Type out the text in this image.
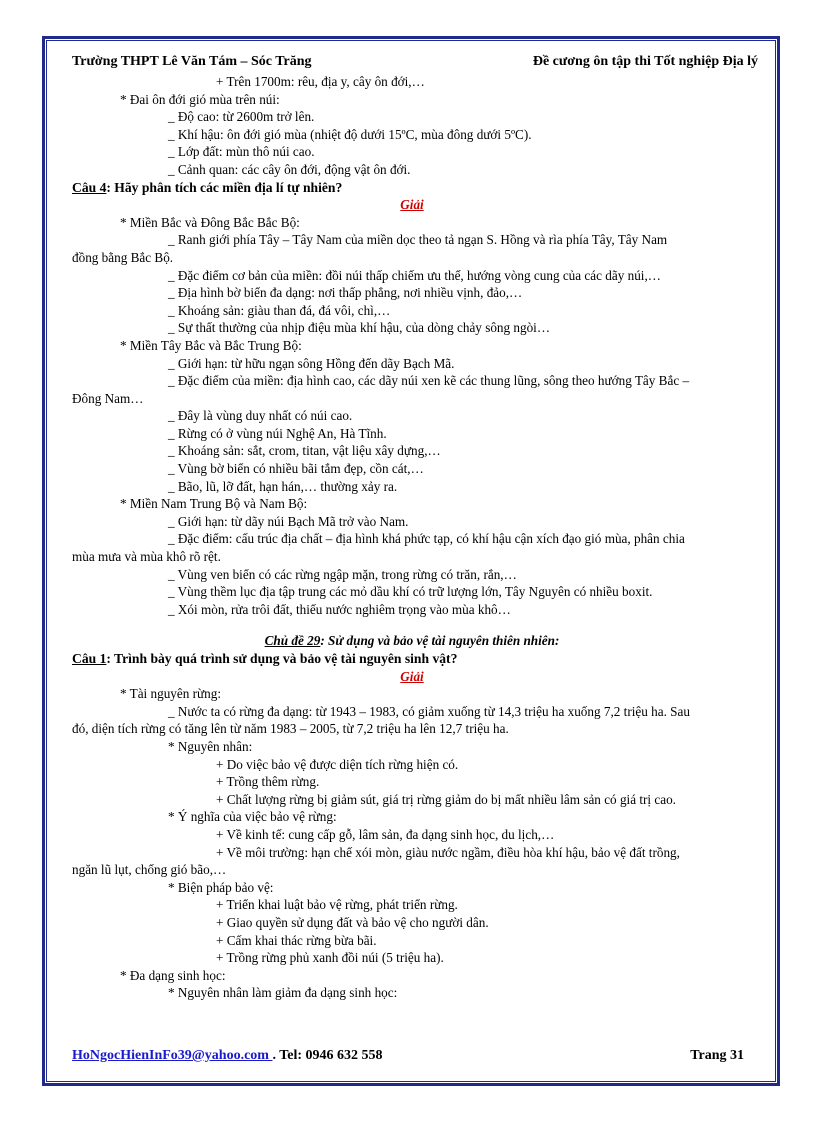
Trường THPT Lê Văn Tám – Sóc Trăng	Đề cương ôn tập thi Tốt nghiệp Địa lý
+ Trên 1700m: rêu, địa y, cây ôn đới,…
* Đai ôn đới gió mùa trên núi:
_ Độ cao: từ 2600m trở lên.
_ Khí hậu: ôn đới gió mùa (nhiệt độ dưới 15ºC, mùa đông dưới 5ºC).
_ Lớp đất: mùn thô núi cao.
_ Cảnh quan: các cây ôn đới, động vật ôn đới.
Câu 4: Hãy phân tích các miền địa lí tự nhiên?
Giải
* Miền Bắc và Đông Bắc Bắc Bộ:
_ Ranh giới phía Tây – Tây Nam của miền dọc theo tả ngạn S. Hồng và rìa phía Tây, Tây Nam
đồng bằng Bắc Bộ.
_ Đặc điểm cơ bản của miền: đồi núi thấp chiếm ưu thế, hướng vòng cung của các dãy núi,…
_ Địa hình bờ biển đa dạng: nơi thấp phẳng, nơi nhiều vịnh, đảo,…
_ Khoáng sản: giàu than đá, đá vôi, chì,…
_ Sự thất thường của nhịp điệu mùa khí hậu, của dòng chảy sông ngòi…
* Miền Tây Bắc và Bắc Trung Bộ:
_ Giới hạn: từ hữu ngạn sông Hồng đến dãy Bạch Mã.
_ Đặc điểm của miền: địa hình cao, các dãy núi xen kẽ các thung lũng, sông theo hướng Tây Bắc –
Đông Nam…
_ Đây là vùng duy nhất có núi cao.
_ Rừng có ở vùng núi Nghệ An, Hà Tĩnh.
_ Khoáng sản: sắt, crom, titan, vật liệu xây dựng,…
_ Vùng bờ biển có nhiều bãi tắm đẹp, cồn cát,…
_ Bão, lũ, lỡ đất, hạn hán,… thường xảy ra.
* Miền Nam Trung Bộ và Nam Bộ:
_ Giới hạn: từ dãy núi Bạch Mã trở vào Nam.
_ Đặc điểm: cấu trúc địa chất – địa hình khá phức tạp, có khí hậu cận xích đạo gió mùa, phân chia
mùa mưa và mùa khô rõ rệt.
_ Vùng ven biển có các rừng ngập mặn, trong rừng có trăn, rắn,…
_ Vùng thềm lục địa tập trung các mỏ dầu khí có trữ lượng lớn, Tây Nguyên có nhiều boxit.
_ Xói mòn, rửa trôi đất, thiếu nước nghiêm trọng vào mùa khô…
Chủ đề 29: Sử dụng và bảo vệ tài nguyên thiên nhiên:
Câu 1: Trình bày quá trình sử dụng và bảo vệ tài nguyên sinh vật?
Giải
* Tài nguyên rừng:
_ Nước ta có rừng đa dạng: từ 1943 – 1983, có giảm xuống từ 14,3 triệu ha xuống 7,2 triệu ha. Sau
đó, diện tích rừng có tăng lên từ năm 1983 – 2005, từ 7,2 triệu ha lên 12,7 triệu ha.
* Nguyên nhân:
+ Do việc bảo vệ được diện tích rừng hiện có.
+ Trồng thêm rừng.
+ Chất lượng rừng bị giảm sút, giá trị rừng giảm do bị mất nhiều lâm sản có giá trị cao.
* Ý nghĩa của việc bảo vệ rừng:
+ Về kinh tế: cung cấp gỗ, lâm sản, đa dạng sinh học, du lịch,…
+ Về môi trường: hạn chế xói mòn, giàu nước ngầm, điều hòa khí hậu, bảo vệ đất trồng,
ngăn lũ lụt, chống gió bão,…
* Biện pháp bảo vệ:
+ Triển khai luật bảo vệ rừng, phát triển rừng.
+ Giao quyền sử dụng đất và bảo vệ cho người dân.
+ Cấm khai thác rừng bừa bãi.
+ Trồng rừng phủ xanh đồi núi (5 triệu ha).
* Đa dạng sinh học:
* Nguyên nhân làm giảm đa dạng sinh học:
HoNgocHienInFo39@yahoo.com . Tel: 0946 632 558	Trang 31
